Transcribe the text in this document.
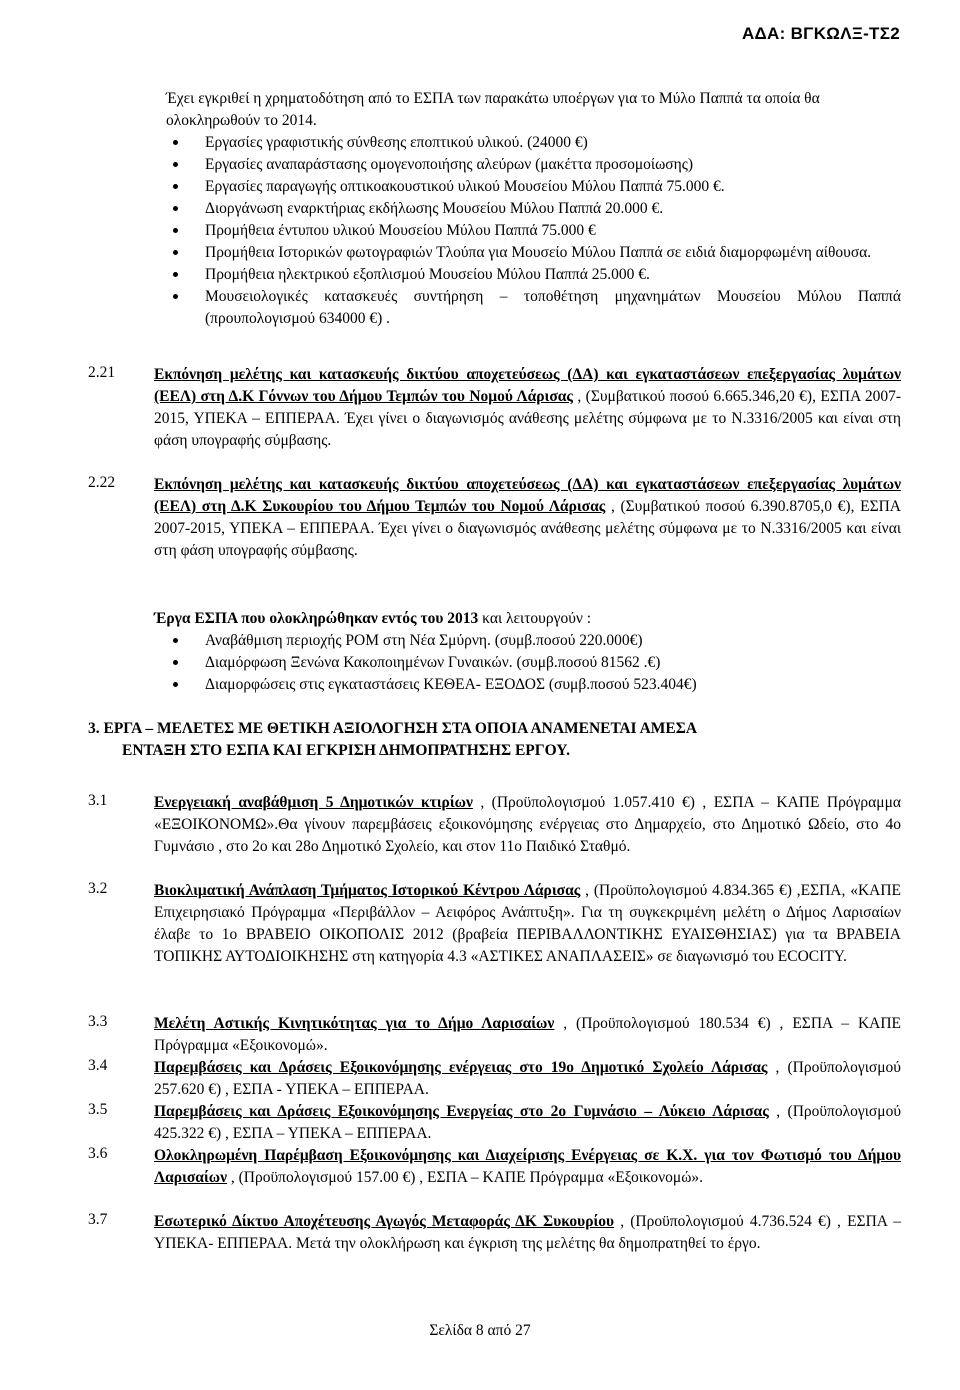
ΑΔΑ: ΒΓΚΩΛΞ-ΤΣ2

Έχει εγκριθεί η χρηματοδότηση από το ΕΣΠΑ των παρακάτω υποέργων για το Μύλο Παππά τα οποία θα ολοκληρωθούν το 2014.

Εργασίες γραφιστικής σύνθεσης εποπτικού υλικού. (24000 €)
Εργασίες αναπαράστασης ομογενοποιήσης αλεύρων (μακέττα προσομοίωσης)
Εργασίες παραγωγής οπτικοακουστικού υλικού Μουσείου Μύλου Παππά 75.000 €.
Διοργάνωση εναρκτήριας εκδήλωσης Μουσείου Μύλου Παππά 20.000 €.
Προμήθεια έντυπου υλικού Μουσείου Μύλου Παππά 75.000 €
Προμήθεια Ιστορικών φωτογραφιών Τλούπα για Μουσείο Μύλου Παππά σε ειδιά διαμορφωμένη αίθουσα.
Προμήθεια ηλεκτρικού εξοπλισμού Μουσείου Μύλου Παππά 25.000 €.
Μουσειολογικές κατασκευές συντήρηση – τοποθέτηση μηχανημάτων Μουσείου Μύλου Παππά (προυπολογισμού 634000 €) .
2.21	Εκπόνηση μελέτης και κατασκευής δικτύου αποχετεύσεως (ΔΑ) και εγκαταστάσεων επεξεργασίας λυμάτων (ΕΕΛ) στη Δ.Κ Γόννων του Δήμου Τεμπών του Νομού Λάρισας , (Συμβατικού ποσού 6.665.346,20 €), ΕΣΠΑ 2007-2015, ΥΠΕΚΑ – ΕΠΠΕΡΑΑ. Έχει γίνει ο διαγωνισμός ανάθεσης μελέτης σύμφωνα με το Ν.3316/2005 και είναι στη φάση υπογραφής σύμβασης.

2.22	Εκπόνηση μελέτης και κατασκευής δικτύου αποχετεύσεως (ΔΑ) και εγκαταστάσεων επεξεργασίας λυμάτων (ΕΕΛ) στη Δ.Κ Συκουρίου του Δήμου Τεμπών του Νομού Λάρισας , (Συμβατικού ποσού 6.390.8705,0 €), ΕΣΠΑ 2007-2015, ΥΠΕΚΑ – ΕΠΠΕΡΑΑ. Έχει γίνει ο διαγωνισμός ανάθεσης μελέτης σύμφωνα με το Ν.3316/2005 και είναι στη φάση υπογραφής σύμβασης.

Έργα ΕΣΠΑ που ολοκληρώθηκαν εντός του 2013 και λειτουργούν :

Αναβάθμιση περιοχής ΡΟΜ στη Νέα Σμύρνη. (συμβ.ποσού 220.000€)
Διαμόρφωση Ξενώνα Κακοποιημένων Γυναικών. (συμβ.ποσού 81562 .€)
Διαμορφώσεις στις εγκαταστάσεις ΚΕΘΕΑ- ΕΞΟΔΟΣ (συμβ.ποσού 523.404€)

3. ΕΡΓΑ – ΜΕΛΕΤΕΣ ΜΕ ΘΕΤΙΚΗ ΑΞΙΟΛΟΓΗΣΗ ΣΤΑ ΟΠΟΙΑ ΑΝΑΜΕΝΕΤΑΙ ΑΜΕΣΑ

ΕΝΤΑΞΗ ΣΤΟ ΕΣΠΑ ΚΑΙ ΕΓΚΡΙΣΗ ΔΗΜΟΠΡΑΤΗΣΗΣ ΕΡΓΟΥ.

3.1	Ενεργειακή αναβάθμιση 5 Δημοτικών κτιρίων , (Προϋπολογισμού 1.057.410 €) , ΕΣΠΑ – ΚΑΠΕ Πρόγραμμα «ΕΞΟΙΚΟΝΟΜΩ».Θα γίνουν παρεμβάσεις εξοικονόμησης ενέργειας στο Δημαρχείο, στο Δημοτικό Ωδείο, στο 4ο Γυμνάσιο , στο 2ο και 28ο Δημοτικό Σχολείο, και στον 11ο Παιδικό Σταθμό.

3.2	Βιοκλιματική Ανάπλαση Τμήματος Ιστορικού Κέντρου Λάρισας , (Προϋπολογισμού 4.834.365 €) ,ΕΣΠΑ, «ΚΑΠΕ Επιχειρησιακό Πρόγραμμα «Περιβάλλον – Αειφόρος Ανάπτυξη». Για τη συγκεκριμένη μελέτη ο Δήμος Λαρισαίων έλαβε το 1ο ΒΡΑΒΕΙΟ ΟΙΚΟΠΟΛΙΣ 2012 (βραβεία ΠΕΡΙΒΑΛΛΟΝΤΙΚΗΣ ΕΥΑΙΣΘΗΣΙΑΣ) για τα ΒΡΑΒΕΙΑ ΤΟΠΙΚΗΣ ΑΥΤΟΔΙΟΙΚΗΣΗΣ στη κατηγορία 4.3 «ΑΣΤΙΚΕΣ ΑΝΑΠΛΑΣΕΙΣ» σε διαγωνισμό του ECOCITY.

3.3	Μελέτη Αστικής Κινητικότητας για το Δήμο Λαρισαίων , (Προϋπολογισμού 180.534 €) , ΕΣΠΑ – ΚΑΠΕ Πρόγραμμα «Εξοικονομώ».

3.4	Παρεμβάσεις και Δράσεις Εξοικονόμησης ενέργειας στο 19ο Δημοτικό Σχολείο Λάρισας , (Προϋπολογισμού 257.620 €) , ΕΣΠΑ - ΥΠΕΚΑ – ΕΠΠΕΡΑΑ.

3.5	Παρεμβάσεις και Δράσεις Εξοικονόμησης Ενεργείας στο 2ο Γυμνάσιο – Λύκειο Λάρισας , (Προϋπολογισμού 425.322 €) , ΕΣΠΑ – ΥΠΕΚΑ – ΕΠΠΕΡΑΑ.

3.6	Ολοκληρωμένη Παρέμβαση Εξοικονόμησης και Διαχείρισης Ενέργειας σε Κ.Χ. για τον Φωτισμό του Δήμου Λαρισαίων , (Προϋπολογισμού 157.00 €) , ΕΣΠΑ – ΚΑΠΕ Πρόγραμμα «Εξοικονομώ».

3.7	Εσωτερικό Δίκτυο Αποχέτευσης Αγωγός Μεταφοράς ΔΚ Συκουρίου , (Προϋπολογισμού 4.736.524 €) , ΕΣΠΑ – ΥΠΕΚΑ- ΕΠΠΕΡΑΑ. Μετά την ολοκλήρωση και έγκριση της μελέτης θα δημοπρατηθεί το έργο.

Σελίδα 8 από 27
